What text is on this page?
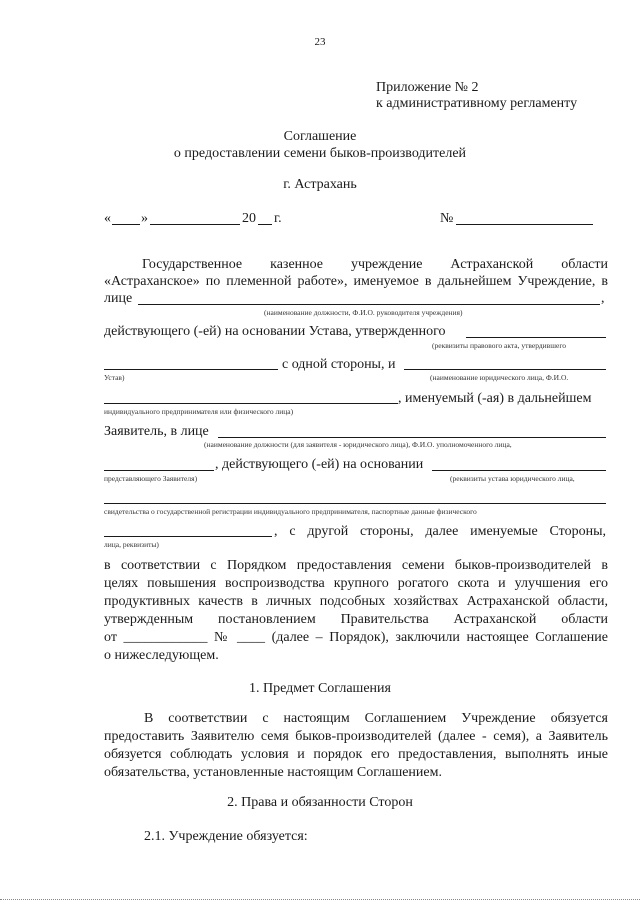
23
Приложение № 2
к административному регламенту
Соглашение
о предоставлении семени быков-производителей
г. Астрахань
« »	20 г.	№
Государственное казенное учреждение Астраханской области
«Астраханское» по племенной работе», именуемое в дальнейшем Учреждение, в
лице	,
(наименование должности, Ф.И.О. руководителя учреждения)
действующего (-ей) на основании Устава, утвержденного
(реквизиты правового акта, утвердившего
с одной стороны, и
Устав)	(наименование юридического лица, Ф.И.О.
, именуемый (-ая) в дальнейшем
индивидуального предпринимателя или физического лица)
Заявитель, в лице
(наименование должности (для заявителя - юридического лица), Ф.И.О. уполномоченного лица,
, действующего (-ей) на основании
представляющего Заявителя)	(реквизиты устава юридического лица,
свидетельства о государственной регистрации индивидуального предпринимателя, паспортные данные физического
, с другой стороны, далее именуемые Стороны,
лица, реквизиты)
в соответствии с Порядком предоставления семени быков-производителей в
целях повышения воспроизводства крупного рогатого скота и улучшения его
продуктивных качеств в личных подсобных хозяйствах Астраханской области,
утвержденным постановлением Правительства Астраханской области
от ____________ № ____ (далее – Порядок), заключили настоящее Соглашение
о нижеследующем.
1. Предмет Соглашения
В соответствии с настоящим Соглашением Учреждение обязуется
предоставить Заявителю семя быков-производителей (далее - семя), а Заявитель
обязуется соблюдать условия и порядок его предоставления, выполнять иные
обязательства, установленные настоящим Соглашением.
2. Права и обязанности Сторон
2.1. Учреждение обязуется:
